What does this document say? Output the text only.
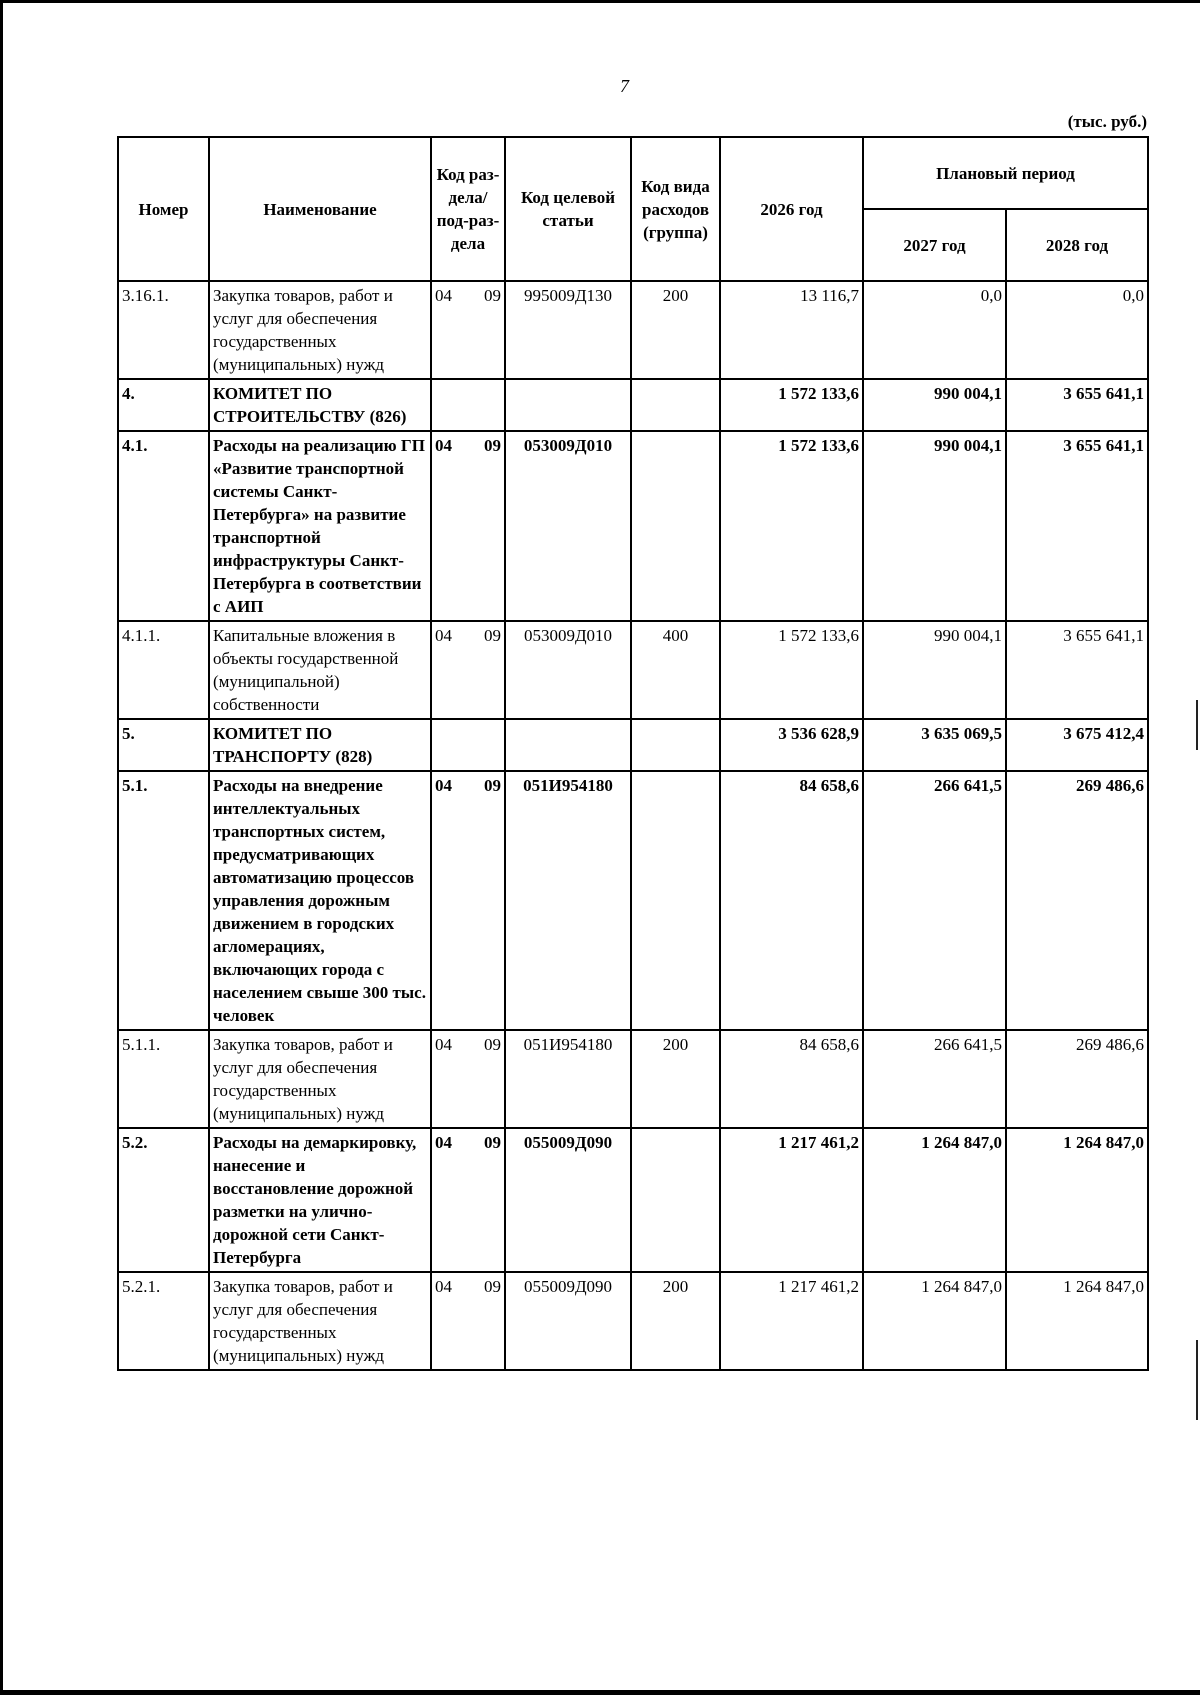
7
(тыс. руб.)
Номер	Наименование	Код раз-дела/ под-раз-дела	Код целевой статьи	Код вида расходов (группа)	2026 год	Плановый период	
						2027 год	2028 год
3.16.1.	Закупка товаров, работ и услуг для обеспечения государственных (муниципальных) нужд	04 09	995009Д130	200	13 116,7	0,0	0,0
4.	КОМИТЕТ ПО СТРОИТЕЛЬСТВУ (826)				1 572 133,6	990 004,1	3 655 641,1
4.1.	Расходы на реализацию ГП «Развитие транспортной системы Санкт-Петербурга» на развитие транспортной инфраструктуры Санкт-Петербурга в соответствии с АИП	04 09	053009Д010		1 572 133,6	990 004,1	3 655 641,1
4.1.1.	Капитальные вложения в объекты государственной (муниципальной) собственности	04 09	053009Д010	400	1 572 133,6	990 004,1	3 655 641,1
5.	КОМИТЕТ ПО ТРАНСПОРТУ (828)				3 536 628,9	3 635 069,5	3 675 412,4
5.1.	Расходы на внедрение интеллектуальных транспортных систем, предусматривающих автоматизацию процессов управления дорожным движением в городских агломерациях, включающих города с населением свыше 300 тыс. человек	04 09	051И954180		84 658,6	266 641,5	269 486,6
5.1.1.	Закупка товаров, работ и услуг для обеспечения государственных (муниципальных) нужд	04 09	051И954180	200	84 658,6	266 641,5	269 486,6
5.2.	Расходы на демаркировку, нанесение и восстановление дорожной разметки на улично-дорожной сети Санкт-Петербурга	04 09	055009Д090		1 217 461,2	1 264 847,0	1 264 847,0
5.2.1.	Закупка товаров, работ и услуг для обеспечения государственных (муниципальных) нужд	04 09	055009Д090	200	1 217 461,2	1 264 847,0	1 264 847,0
